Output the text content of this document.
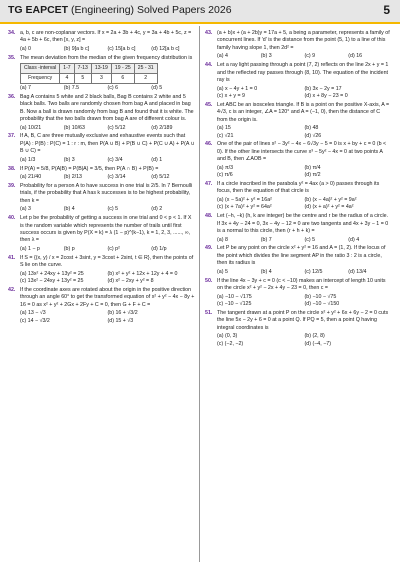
TG EAPCET (Engineering) Solved Papers 2026	5
34. a, b, c are non-coplanar vectors. If x = 2a + 3b + 4c, y = 3a + 4b + 5c, z = 4a + 5b + 6c, then [x, y, z] =
(a) 0	(b) 9[a b c]	(c) 15[a b c]	(d) 12[a b c]
35. The mean deviation from the median of the given frequency distribution is
Class -interval	1-7	7-13	13-19	19 - 25	25 - 31
Frequency	4	5	3	6	2
(a) 7	(b) 7.5	(c) 6	(d) 5
36. Bag A contains 5 white and 2 black balls, Bag B contains 2 white and 5 black balls. Two balls are randomly chosen from bag A and placed in bag B. Now a ball is drawn randomly from bag B and found that it is white. The probability that the two balls drawn from bag A are of different colour is.
(a) 10/21	(b) 10/63	(c) 5/12	(d) 2/189
37. If A, B, C are three mutually exclusive and exhaustive events such that P(A) : P(B) : P(C) = 1 : r : m, then P(A ∪ B) + P(B ∪ C) + P(C ∪ A) + P(A ∪ B ∪ C) =
(a) 1/3	(b) 3	(c) 3/4	(d) 1
38. If P(A) = 5/8, P(A|B) = P(B|A) = 3/5, then P(A ∩ B) + P(B) =
(a) 21/40	(b) 2/13	(c) 3/14	(d) 5/12
39. Probability for a person A to have success in one trial is 2/5. In 7 Bernoulli trials, if the probability that A has k successes is to be highest probability, then k =
(a) 3	(b) 4	(c) 5	(d) 2
40. Let p be the probability of getting a success in one trial and 0 < p < 1. If X is the random variable which represents the number of trails until first success occurs is given by P(X = k) = λ (1 − p)^(k−1), k = 1, 2, 3, ......, ∞, then λ =
(a) 1 − p	(b) p	(c) p²	(d) 1/p
41. If S = {(x, y) / x = 2cost + 3sint, y = 3cost + 2sint, t ∈ R}, then the points of S lie on the curve.
(a) 13x² + 24xy + 13y² = 25	(b) x² + y² + 12x + 12y + 4 = 0
(c) 13x² − 24xy + 13y² = 25	(d) x² − 2xy + y² = 8
42. If the coordinate axes are rotated about the origin in the positive direction through an angle 60° to get the transformed equation of x² + y² − 4x − 8y + 16 = 0 as x² + y² + 2Gx + 2Fy + C = 0, then G + F + C =
(a) 13 − √3	(b) 16 + √3/2
(c) 14 − √3/2	(d) 15 + √3
43. (a + b)x + (a + 2b)y = 17a + 5, a being a parameter, represents a family of concurrent lines. If 'd' is the distance from the point (5, 1) to a line of this family having slope 1, then 2d² =
(a) 4	(b) 3	(c) 9	(d) 16
44. Let a ray light passing through a point (7, 2) reflects on the line 2x + y = 1 and the reflected ray passes through (8, 10). The equation of the incident ray is
(a) x − 4y + 1 = 0	(b) 3x − 2y = 17
(c) x + y = 9	(d) x + 8y − 23 = 0
45. Let ABC be an isosceles triangle. If B is a point on the positive X-axis, A = 4√3, c is an integer, ∠A = 120° and A = (−1, 0), then the distance of C from the origin is.
(a) 15	(b) 48
(c) √21	(d) √26
46. One of the pair of lines x² − 3y² − 4x − 6√3y − 5 = 0 is x + by + c = 0 (b < 0). If the other line intersects the curve x³ − 5y² − 4x = 0 at two points A and B, then ∠AOB =
(a) π/3	(b) π/4
(c) π/6	(d) π/2
47. If a circle inscribed in the parabola y² = 4ax (a > 0) passes through its focus, then the equation of that circle is
(a) (x − 5a)² + y² = 16a²	(b) (x − 4a)² + y² = 9a²
(c) (x + 7a)² + y² = 64a²	(d) (x + a)² + y² = 4a²
48. Let (−h, −k) (h, k are integer) be the centre and r be the radius of a circle. If 3x + 4y − 24 = 0, 3x − 4y − 12 = 0 are two tangents and 4x + 3y − 1 = 0 is a normal to this circle, then (r + h + k) =
(a) 8	(b) 7	(c) 5	(d) 4
49. Let P be any point on the circle x² + y² = 16 and A = (1, 2). If the locus of the point which divides the line segment AP in the ratio 3 : 2 is a circle, then its radius is
(a) 5	(b) 4	(c) 12/5	(d) 13/4
50. If the line 4x − 3y + c = 0 (c < −10) makes an intercept of length 10 units on the circle x² + y² − 2x + 4y − 23 = 0, then c =
(a) −10 − √175	(b) −10 − √75
(c) −10 − √125	(d) −10 − √150
51. The tangent drawn at a point P on the circle x² + y² + 6x + 6y − 2 = 0 cuts the line 5x − 2y + 6 = 0 at a point Q. If PQ = 5, then a point Q having integral coordinates is
(a) (0, 3)	(b) (2, 8)
(c) (−2, −2)	(d) (−4, −7)
